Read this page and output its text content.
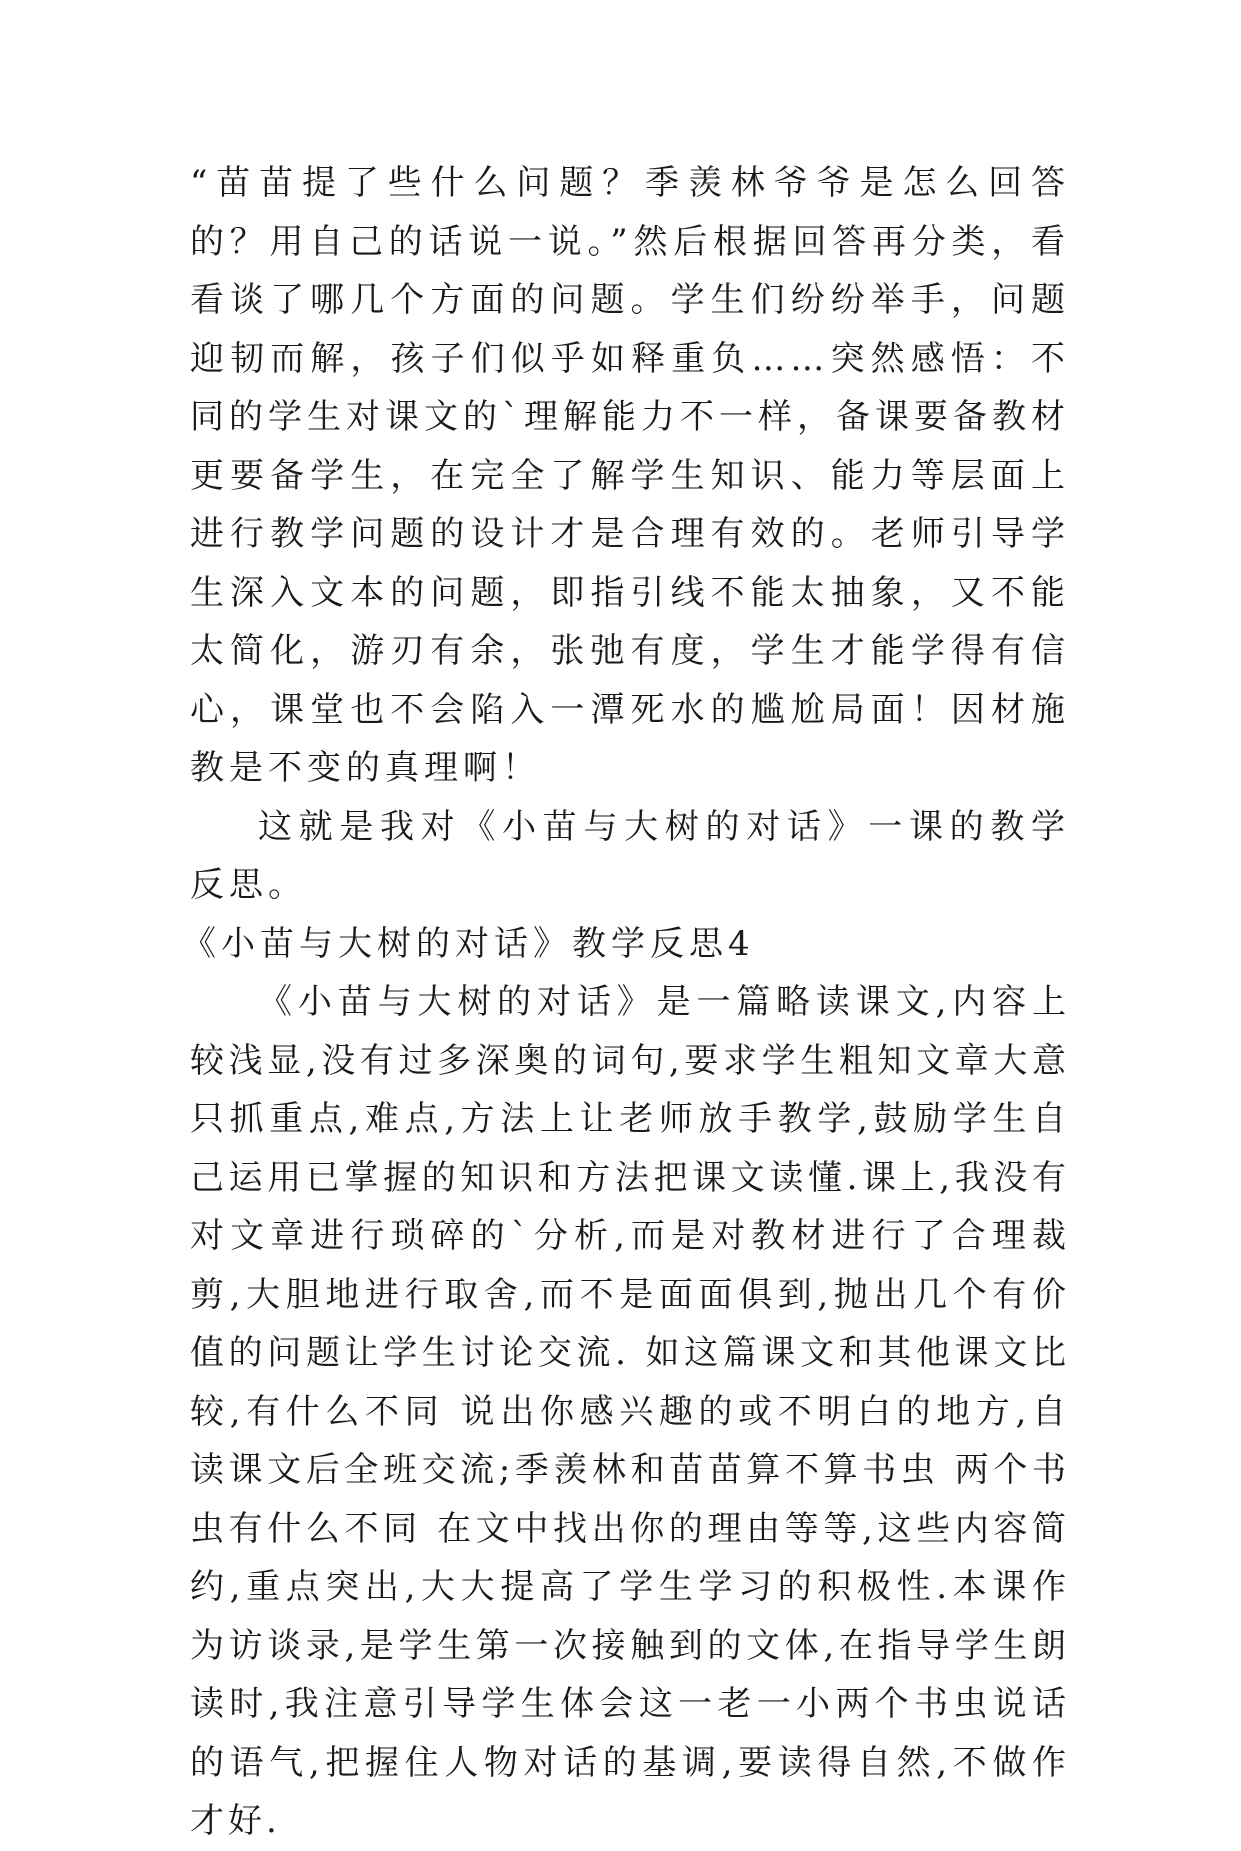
“苗苗提了些什么问题？季羡林爷爷是怎么回答的？用自己的话说一说。”然后根据回答再分类，看看谈了哪几个方面的问题。学生们纷纷举手，问题迎韧而解，孩子们似乎如释重负……突然感悟：不同的学生对课文的`理解能力不一样，备课要备教材更要备学生，在完全了解学生知识、能力等层面上进行教学问题的设计才是合理有效的。老师引导学生深入文本的问题，即指引线不能太抽象，又不能太简化，游刃有余，张弛有度，学生才能学得有信心，课堂也不会陷入一潭死水的尴尬局面！因材施教是不变的真理啊！

这就是我对《小苗与大树的对话》一课的教学反思。

《小苗与大树的对话》教学反思4

《小苗与大树的对话》是一篇略读课文,内容上较浅显,没有过多深奥的词句,要求学生粗知文章大意只抓重点,难点,方法上让老师放手教学,鼓励学生自己运用已掌握的知识和方法把课文读懂.课上,我没有对文章进行琐碎的`分析,而是对教材进行了合理裁剪,大胆地进行取舍,而不是面面俱到,抛出几个有价值的问题让学生讨论交流. 如这篇课文和其他课文比较,有什么不同 说出你感兴趣的或不明白的地方,自读课文后全班交流;季羡林和苗苗算不算书虫 两个书虫有什么不同 在文中找出你的理由等等,这些内容简约,重点突出,大大提高了学生学习的积极性.本课作为访谈录,是学生第一次接触到的文体,在指导学生朗读时,我注意引导学生体会这一老一小两个书虫说话的语气,把握住人物对话的基调,要读得自然,不做作才好.
